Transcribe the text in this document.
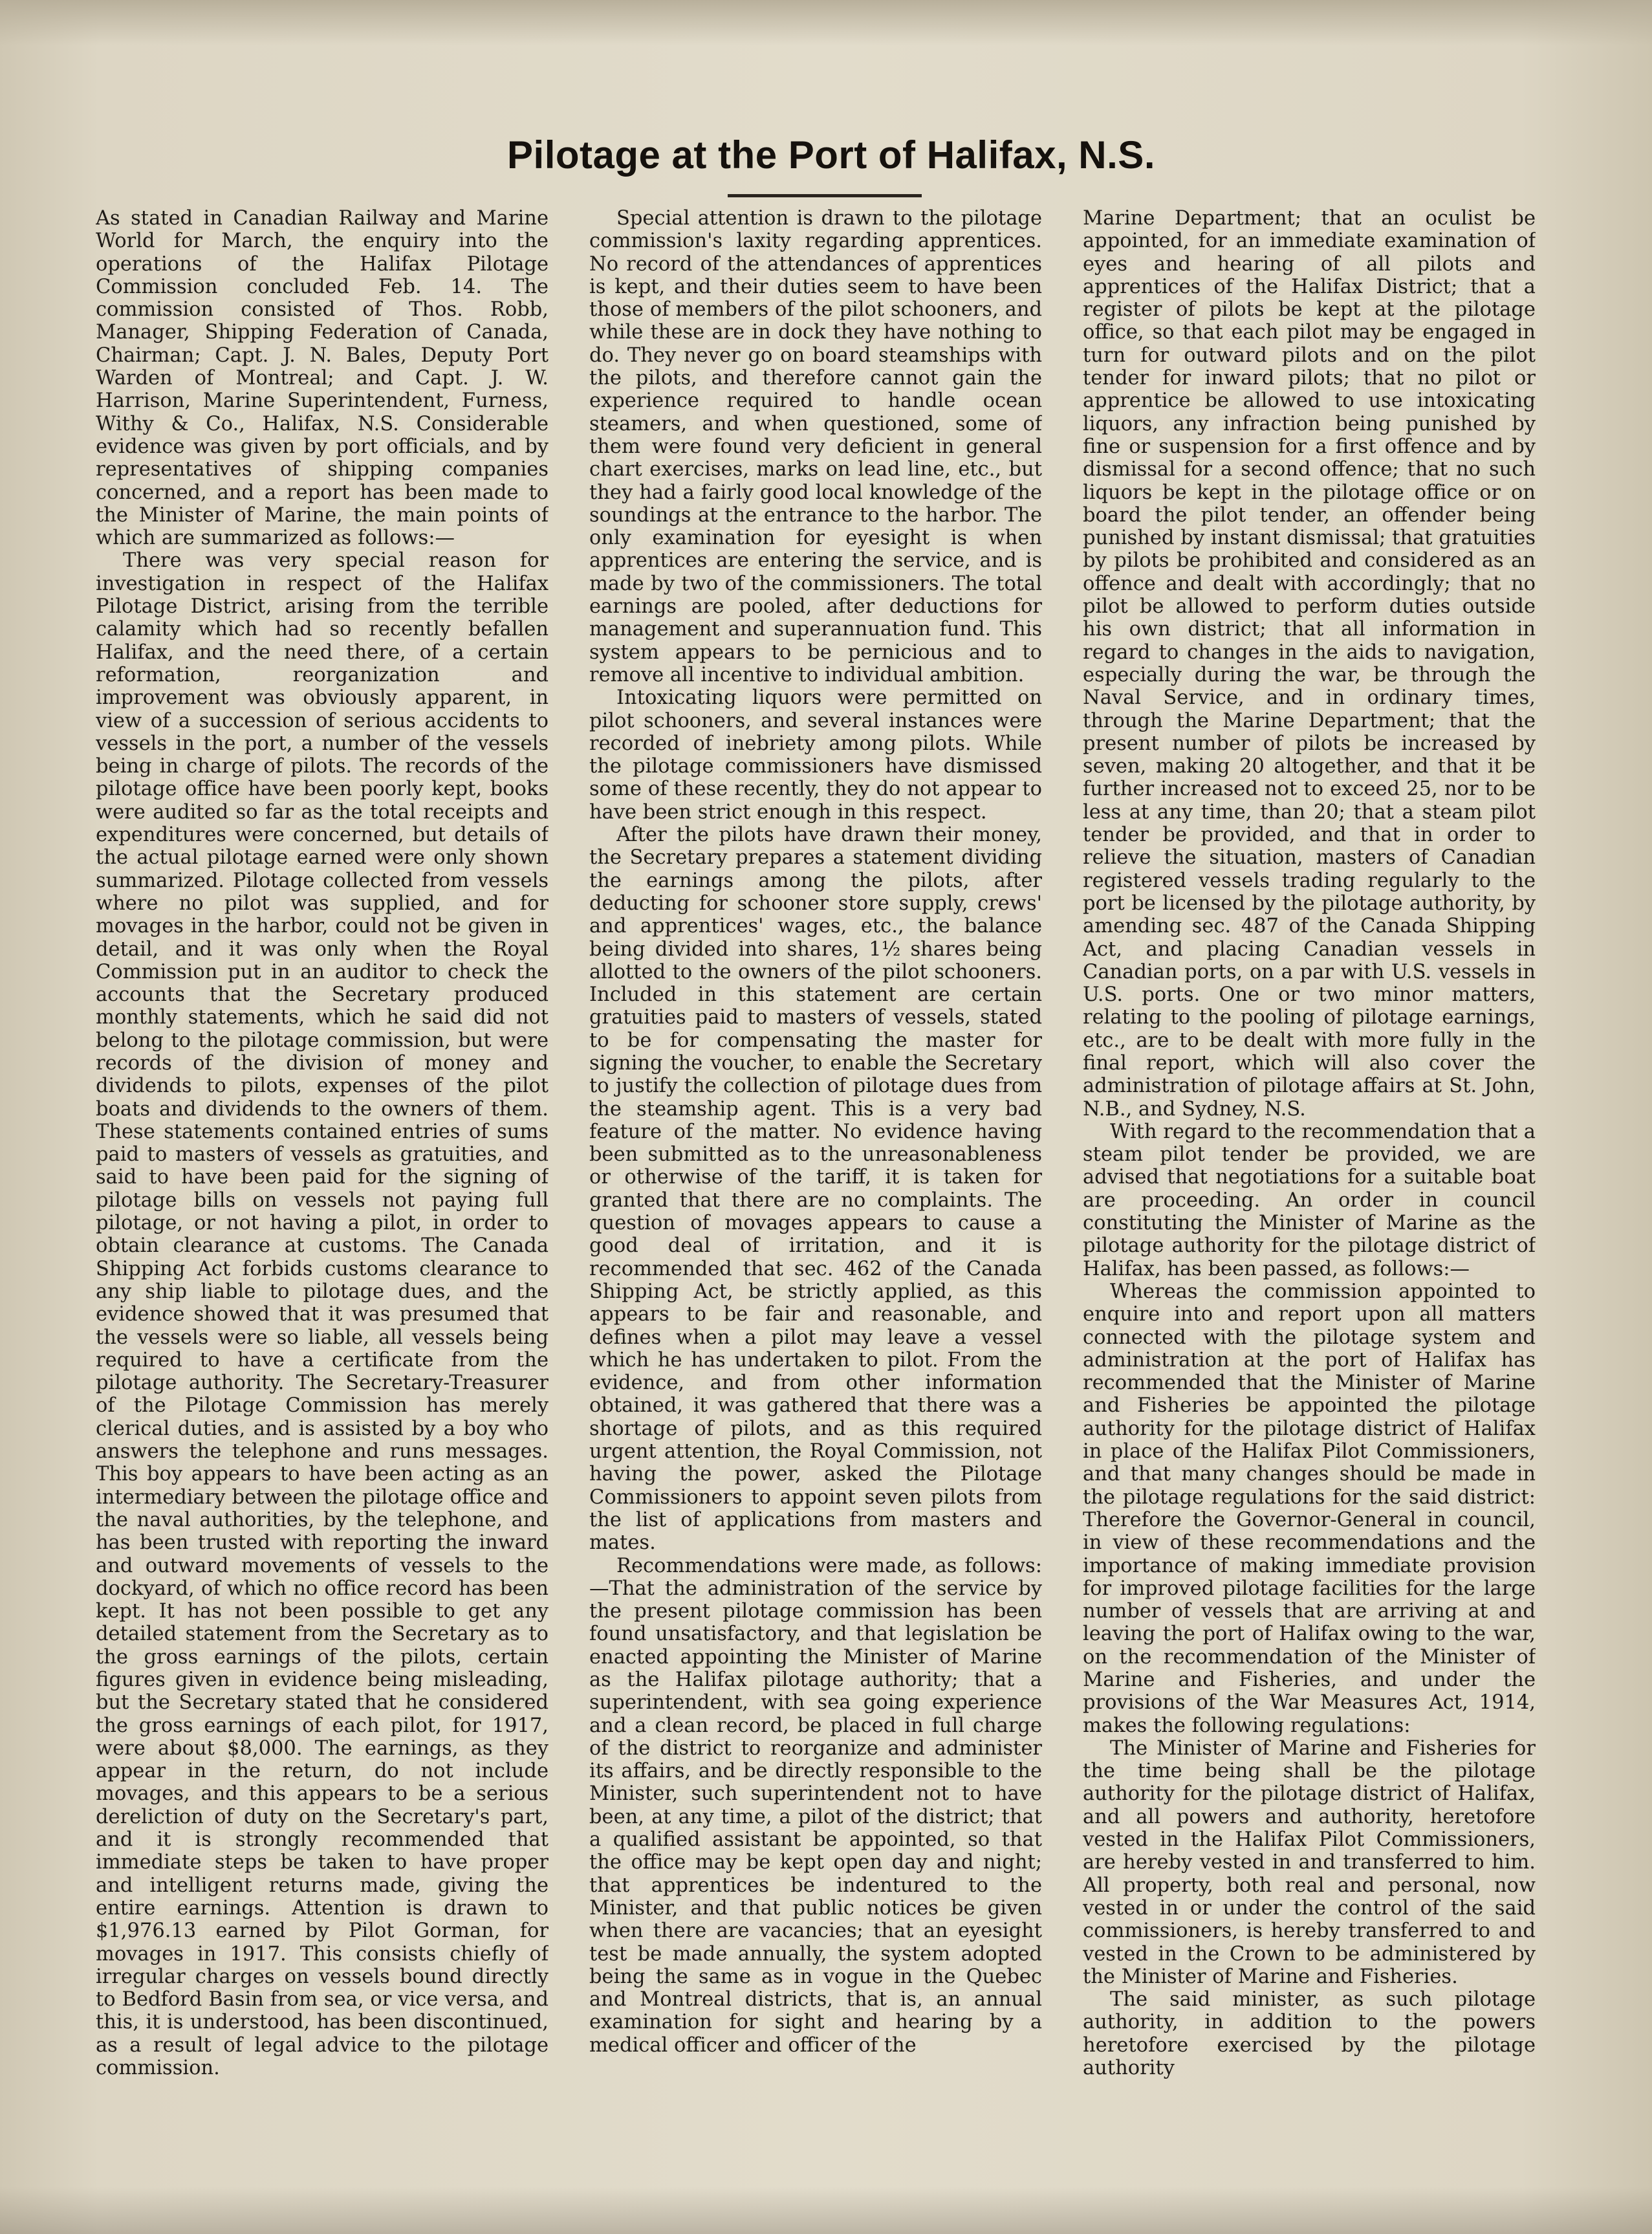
Pilotage at the Port of Halifax, N.S.

As stated in Canadian Railway and Marine World for March, the enquiry into the operations of the Halifax Pilotage Commission concluded Feb. 14. The commission consisted of Thos. Robb, Manager, Shipping Federation of Canada, Chairman; Capt. J. N. Bales, Deputy Port Warden of Montreal; and Capt. J. W. Harrison, Marine Superintendent, Furness, Withy & Co., Halifax, N.S. Considerable evidence was given by port officials, and by representatives of shipping companies concerned, and a report has been made to the Minister of Marine, the main points of which are summarized as follows:—

There was very special reason for investigation in respect of the Halifax Pilotage District, arising from the terrible calamity which had so recently befallen Halifax, and the need there, of a certain reformation, reorganization and improvement was obviously apparent, in view of a succession of serious accidents to vessels in the port, a number of the vessels being in charge of pilots. The records of the pilotage office have been poorly kept, books were audited so far as the total receipts and expenditures were concerned, but details of the actual pilotage earned were only shown summarized. Pilotage collected from vessels where no pilot was supplied, and for movages in the harbor, could not be given in detail, and it was only when the Royal Commission put in an auditor to check the accounts that the Secretary produced monthly statements, which he said did not belong to the pilotage commission, but were records of the division of money and dividends to pilots, expenses of the pilot boats and dividends to the owners of them. These statements contained entries of sums paid to masters of vessels as gratuities, and said to have been paid for the signing of pilotage bills on vessels not paying full pilotage, or not having a pilot, in order to obtain clearance at customs. The Canada Shipping Act forbids customs clearance to any ship liable to pilotage dues, and the evidence showed that it was presumed that the vessels were so liable, all vessels being required to have a certificate from the pilotage authority. The Secretary-Treasurer of the Pilotage Commission has merely clerical duties, and is assisted by a boy who answers the telephone and runs messages. This boy appears to have been acting as an intermediary between the pilotage office and the naval authorities, by the telephone, and has been trusted with reporting the inward and outward movements of vessels to the dockyard, of which no office record has been kept. It has not been possible to get any detailed statement from the Secretary as to the gross earnings of the pilots, certain figures given in evidence being misleading, but the Secretary stated that he considered the gross earnings of each pilot, for 1917, were about $8,000. The earnings, as they appear in the return, do not include movages, and this appears to be a serious dereliction of duty on the Secretary's part, and it is strongly recommended that immediate steps be taken to have proper and intelligent returns made, giving the entire earnings. Attention is drawn to $1,976.13 earned by Pilot Gorman, for movages in 1917. This consists chiefly of irregular charges on vessels bound directly to Bedford Basin from sea, or vice versa, and this, it is understood, has been discontinued, as a result of legal advice to the pilotage commission.

Special attention is drawn to the pilotage commission's laxity regarding apprentices. No record of the attendances of apprentices is kept, and their duties seem to have been those of members of the pilot schooners, and while these are in dock they have nothing to do. They never go on board steamships with the pilots, and therefore cannot gain the experience required to handle ocean steamers, and when questioned, some of them were found very deficient in general chart exercises, marks on lead line, etc., but they had a fairly good local knowledge of the soundings at the entrance to the harbor. The only examination for eyesight is when apprentices are entering the service, and is made by two of the commissioners. The total earnings are pooled, after deductions for management and superannuation fund. This system appears to be pernicious and to remove all incentive to individual ambition.

Intoxicating liquors were permitted on pilot schooners, and several instances were recorded of inebriety among pilots. While the pilotage commissioners have dismissed some of these recently, they do not appear to have been strict enough in this respect.

After the pilots have drawn their money, the Secretary prepares a statement dividing the earnings among the pilots, after deducting for schooner store supply, crews' and apprentices' wages, etc., the balance being divided into shares, 1½ shares being allotted to the owners of the pilot schooners. Included in this statement are certain gratuities paid to masters of vessels, stated to be for compensating the master for signing the voucher, to enable the Secretary to justify the collection of pilotage dues from the steamship agent. This is a very bad feature of the matter. No evidence having been submitted as to the unreasonableness or otherwise of the tariff, it is taken for granted that there are no complaints. The question of movages appears to cause a good deal of irritation, and it is recommended that sec. 462 of the Canada Shipping Act, be strictly applied, as this appears to be fair and reasonable, and defines when a pilot may leave a vessel which he has undertaken to pilot. From the evidence, and from other information obtained, it was gathered that there was a shortage of pilots, and as this required urgent attention, the Royal Commission, not having the power, asked the Pilotage Commissioners to appoint seven pilots from the list of applications from masters and mates.

Recommendations were made, as follows:—That the administration of the service by the present pilotage commission has been found unsatisfactory, and that legislation be enacted appointing the Minister of Marine as the Halifax pilotage authority; that a superintendent, with sea going experience and a clean record, be placed in full charge of the district to reorganize and administer its affairs, and be directly responsible to the Minister, such superintendent not to have been, at any time, a pilot of the district; that a qualified assistant be appointed, so that the office may be kept open day and night; that apprentices be indentured to the Minister, and that public notices be given when there are vacancies; that an eyesight test be made annually, the system adopted being the same as in vogue in the Quebec and Montreal districts, that is, an annual examination for sight and hearing by a medical officer and officer of the

Marine Department; that an oculist be appointed, for an immediate examination of eyes and hearing of all pilots and apprentices of the Halifax District; that a register of pilots be kept at the pilotage office, so that each pilot may be engaged in turn for outward pilots and on the pilot tender for inward pilots; that no pilot or apprentice be allowed to use intoxicating liquors, any infraction being punished by fine or suspension for a first offence and by dismissal for a second offence; that no such liquors be kept in the pilotage office or on board the pilot tender, an offender being punished by instant dismissal; that gratuities by pilots be prohibited and considered as an offence and dealt with accordingly; that no pilot be allowed to perform duties outside his own district; that all information in regard to changes in the aids to navigation, especially during the war, be through the Naval Service, and in ordinary times, through the Marine Department; that the present number of pilots be increased by seven, making 20 altogether, and that it be further increased not to exceed 25, nor to be less at any time, than 20; that a steam pilot tender be provided, and that in order to relieve the situation, masters of Canadian registered vessels trading regularly to the port be licensed by the pilotage authority, by amending sec. 487 of the Canada Shipping Act, and placing Canadian vessels in Canadian ports, on a par with U.S. vessels in U.S. ports. One or two minor matters, relating to the pooling of pilotage earnings, etc., are to be dealt with more fully in the final report, which will also cover the administration of pilotage affairs at St. John, N.B., and Sydney, N.S.

With regard to the recommendation that a steam pilot tender be provided, we are advised that negotiations for a suitable boat are proceeding. An order in council constituting the Minister of Marine as the pilotage authority for the pilotage district of Halifax, has been passed, as follows:—

Whereas the commission appointed to enquire into and report upon all matters connected with the pilotage system and administration at the port of Halifax has recommended that the Minister of Marine and Fisheries be appointed the pilotage authority for the pilotage district of Halifax in place of the Halifax Pilot Commissioners, and that many changes should be made in the pilotage regulations for the said district: Therefore the Governor-General in council, in view of these recommendations and the importance of making immediate provision for improved pilotage facilities for the large number of vessels that are arriving at and leaving the port of Halifax owing to the war, on the recommendation of the Minister of Marine and Fisheries, and under the provisions of the War Measures Act, 1914, makes the following regulations:

The Minister of Marine and Fisheries for the time being shall be the pilotage authority for the pilotage district of Halifax, and all powers and authority, heretofore vested in the Halifax Pilot Commissioners, are hereby vested in and transferred to him. All property, both real and personal, now vested in or under the control of the said commissioners, is hereby transferred to and vested in the Crown to be administered by the Minister of Marine and Fisheries.

The said minister, as such pilotage authority, in addition to the powers heretofore exercised by the pilotage authority
